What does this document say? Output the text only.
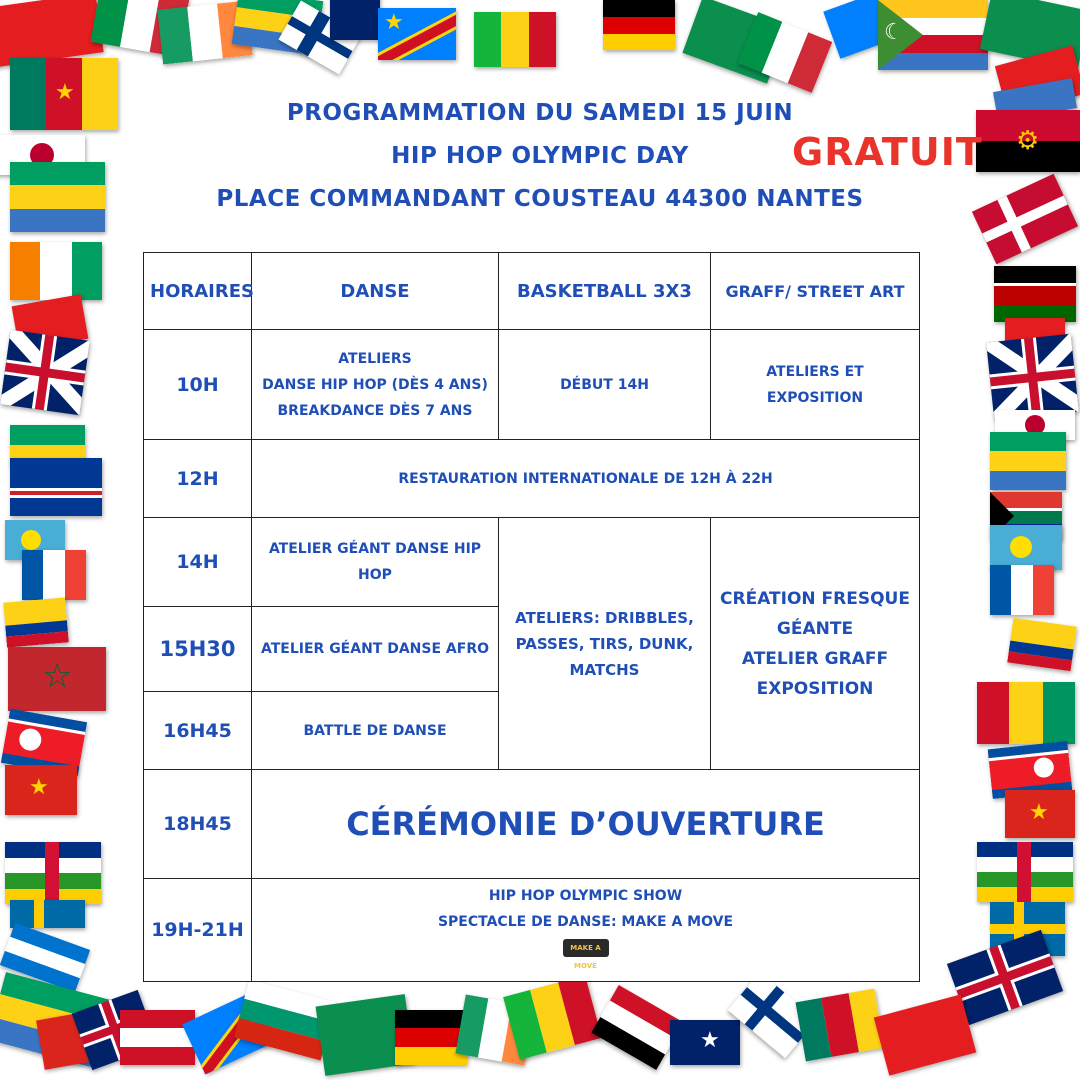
★	☾
★
☆
★
⚙
★
★
PROGRAMMATION DU SAMEDI 15 JUIN
HIP HOP OLYMPIC DAY
PLACE COMMANDANT COUSTEAU 44300 NANTES
GRATUIT
HORAIRES	DANSE	BASKETBALL 3X3	GRAFF/ STREET ART
10H	ATELIERS
DANSE HIP HOP (DÈS 4 ANS)
BREAKDANCE DÈS 7 ANS	DÉBUT 14H	ATELIERS ET EXPOSITION
12H	RESTAURATION INTERNATIONALE DE 12H À 22H		
14H	ATELIER GÉANT DANSE HIP HOP	ATELIERS: DRIBBLES,
PASSES, TIRS, DUNK,
MATCHS	CRÉATION FRESQUE
GÉANTE
ATELIER GRAFF
EXPOSITION

15H30	ATELIER GÉANT DANSE AFRO		
16H45	BATTLE DE DANSE		
18H45	CÉRÉMONIE D’OUVERTURE		
19H-21H	HIP HOP OLYMPIC SHOW
SPECTACLE DE DANSE: MAKE A MOVE
MAKE A MOVE		
